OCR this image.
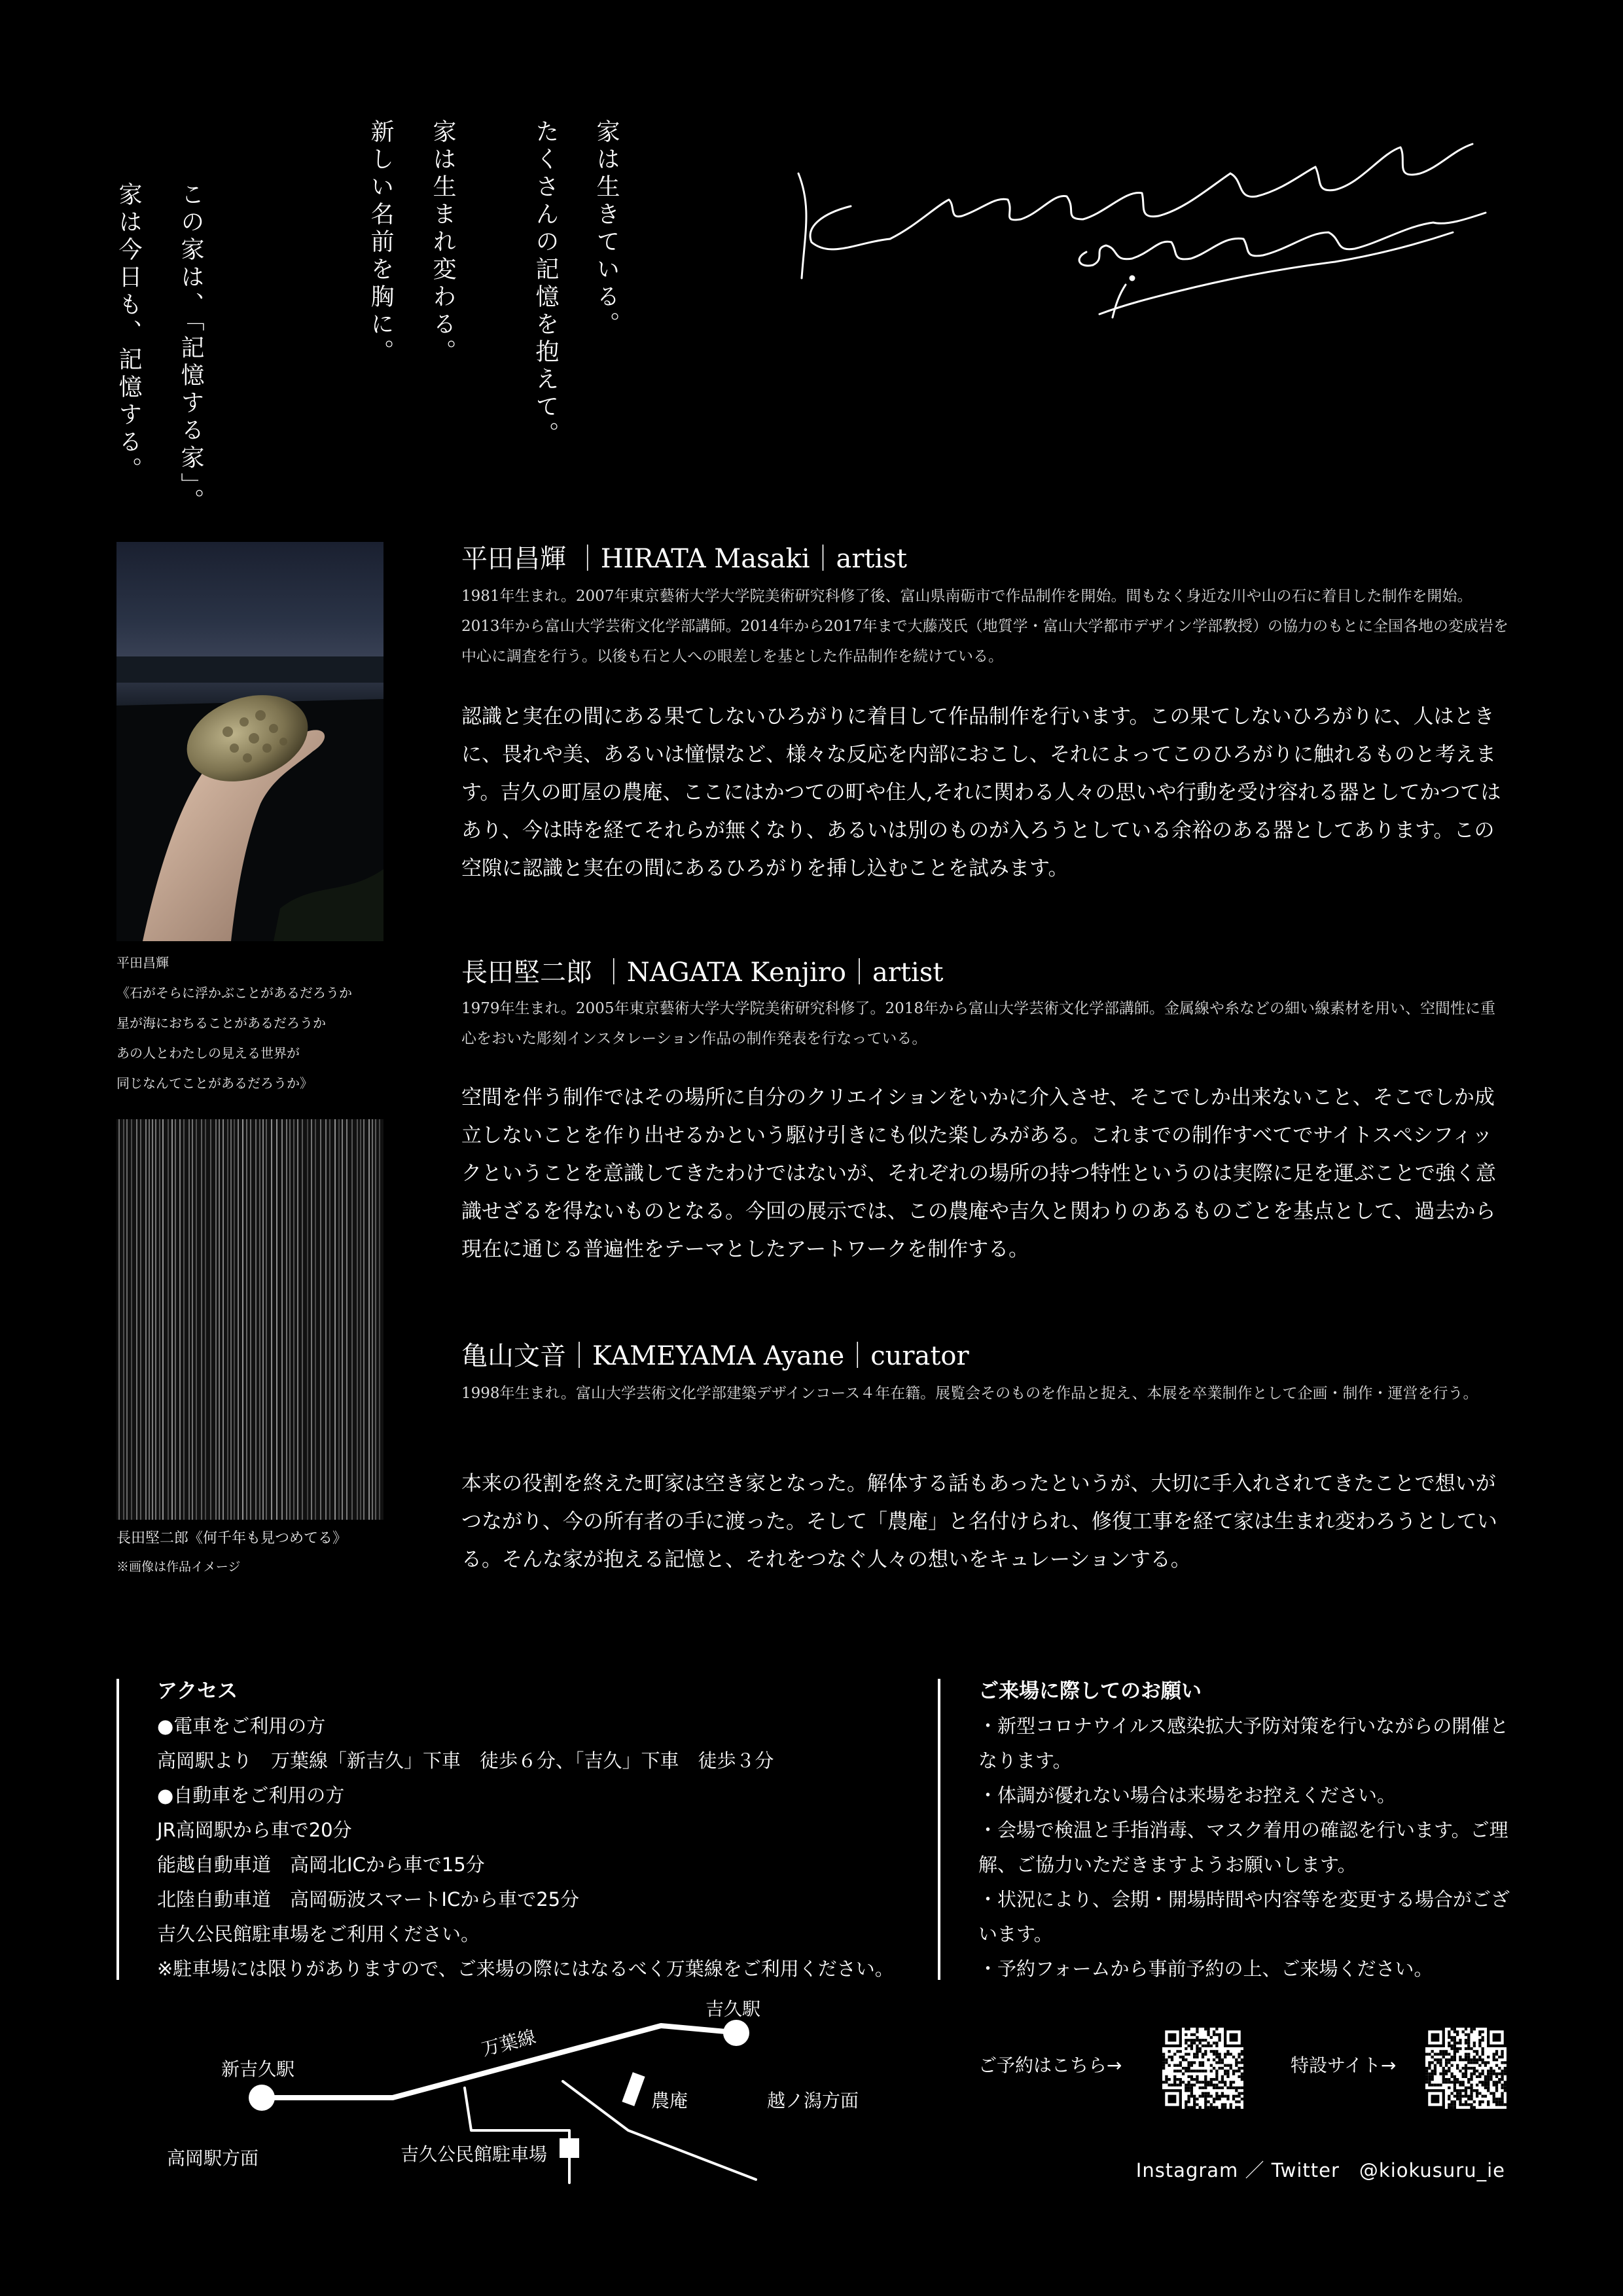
家は生きている。
たくさんの記憶を抱えて。
家は生まれ変わる。
新しい名前を胸に。
この家は、「記憶する家」。
家は今日も、記憶する。
平田昌輝
《石がそらに浮かぶことがあるだろうか
星が海におちることがあるだろうか
あの人とわたしの見える世界が
同じなんてことがあるだろうか》
長田堅二郎《何千年も見つめてる》
※画像は作品イメージ
平田昌輝 ｜HIRATA Masaki｜artist
1981年生まれ。2007年東京藝術大学大学院美術研究科修了後、富山県南砺市で作品制作を開始。間もなく身近な川や山の石に着目した制作を開始。2013年から富山大学芸術文化学部講師。2014年から2017年まで大藤茂氏（地質学・富山大学都市デザイン学部教授）の協力のもとに全国各地の変成岩を中心に調査を行う。以後も石と人への眼差しを基とした作品制作を続けている。
認識と実在の間にある果てしないひろがりに着目して作品制作を行います。この果てしないひろがりに、人はときに、畏れや美、あるいは憧憬など、様々な反応を内部におこし、それによってこのひろがりに触れるものと考えます。吉久の町屋の農庵、ここにはかつての町や住人,それに関わる人々の思いや行動を受け容れる器としてかつてはあり、今は時を経てそれらが無くなり、あるいは別のものが入ろうとしている余裕のある器としてあります。この空隙に認識と実在の間にあるひろがりを挿し込むことを試みます。
長田堅二郎 ｜NAGATA Kenjiro｜artist
1979年生まれ。2005年東京藝術大学大学院美術研究科修了。2018年から富山大学芸術文化学部講師。金属線や糸などの細い線素材を用い、空間性に重心をおいた彫刻インスタレーション作品の制作発表を行なっている。
空間を伴う制作ではその場所に自分のクリエイションをいかに介入させ、そこでしか出来ないこと、そこでしか成立しないことを作り出せるかという駆け引きにも似た楽しみがある。これまでの制作すべてでサイトスペシフィックということを意識してきたわけではないが、それぞれの場所の持つ特性というのは実際に足を運ぶことで強く意識せざるを得ないものとなる。今回の展示では、この農庵や吉久と関わりのあるものごとを基点として、過去から現在に通じる普遍性をテーマとしたアートワークを制作する。
亀山文音｜KAMEYAMA Ayane｜curator
1998年生まれ。富山大学芸術文化学部建築デザインコース４年在籍。展覧会そのものを作品と捉え、本展を卒業制作として企画・制作・運営を行う。
本来の役割を終えた町家は空き家となった。解体する話もあったというが、大切に手入れされてきたことで想いがつながり、今の所有者の手に渡った。そして「農庵」と名付けられ、修復工事を経て家は生まれ変わろうとしている。そんな家が抱える記憶と、それをつなぐ人々の想いをキュレーションする。
アクセス
●電車をご利用の方
高岡駅より　万葉線「新吉久」下車　徒歩６分、「吉久」下車　徒歩３分
●自動車をご利用の方
JR高岡駅から車で20分
能越自動車道　高岡北ICから車で15分
北陸自動車道　高岡砺波スマートICから車で25分
吉久公民館駐車場をご利用ください。
※駐車場には限りがありますので、ご来場の際にはなるべく万葉線をご利用ください。
ご来場に際してのお願い
・新型コロナウイルス感染拡大予防対策を行いながらの開催となります。
・体調が優れない場合は来場をお控えください。
・会場で検温と手指消毒、マスク着用の確認を行います。ご理解、ご協力いただきますようお願いします。
・状況により、会期・開場時間や内容等を変更する場合がございます。
・予約フォームから事前予約の上、ご来場ください。
新吉久駅
吉久駅
万葉線
農庵	越ノ潟方面
高岡駅方面	吉久公民館駐車場
ご予約はこちら→	特設サイト→
Instagram ／ Twitter　@kiokusuru_ie
